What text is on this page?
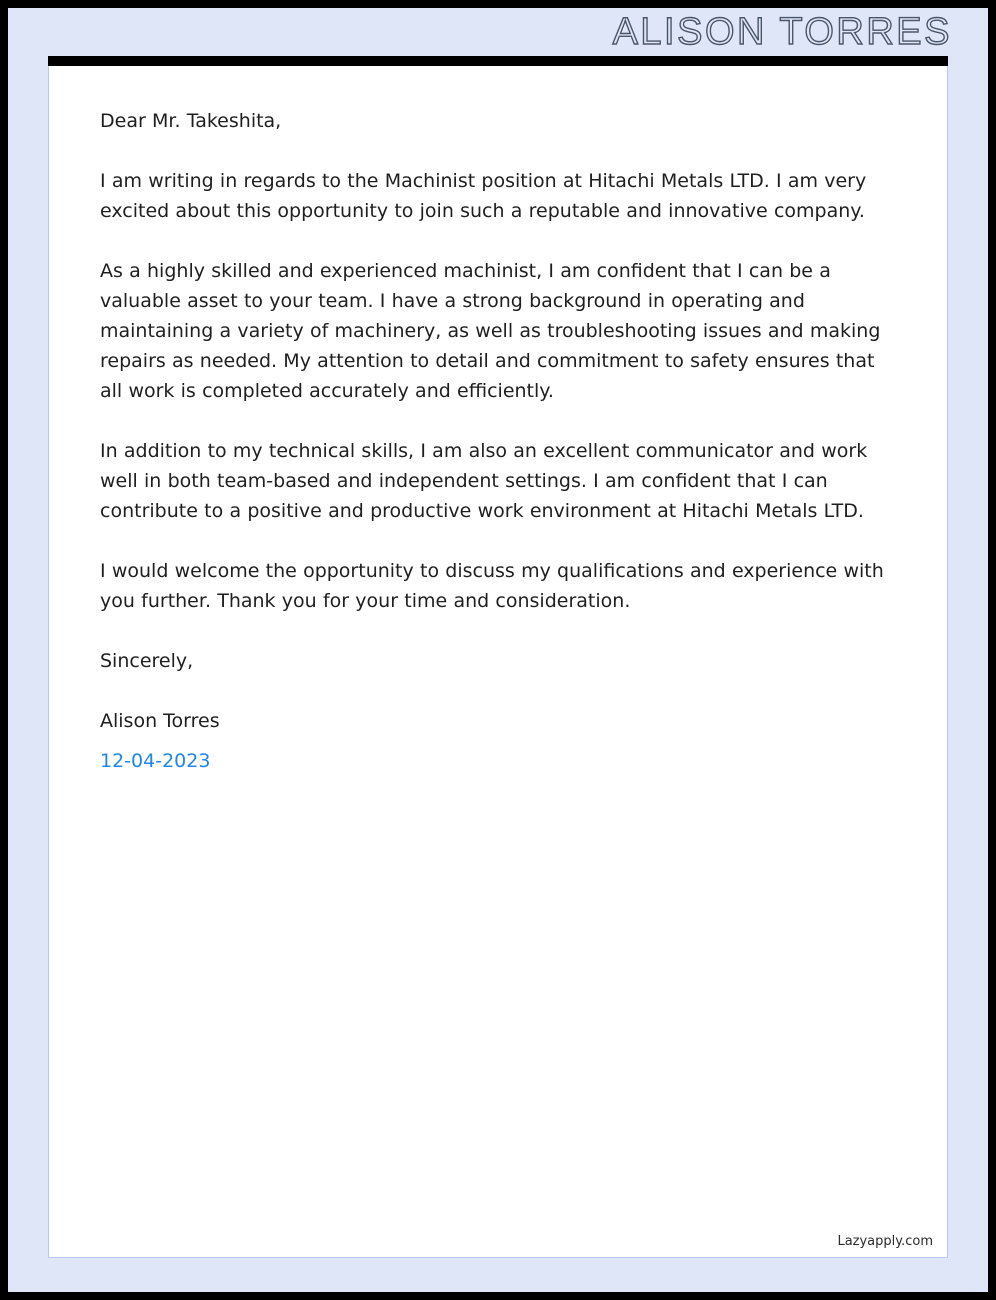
ALISON TORRES

Dear Mr. Takeshita,

I am writing in regards to the Machinist position at Hitachi Metals LTD. I am very excited about this opportunity to join such a reputable and innovative company.

As a highly skilled and experienced machinist, I am confident that I can be a valuable asset to your team. I have a strong background in operating and maintaining a variety of machinery, as well as troubleshooting issues and making repairs as needed. My attention to detail and commitment to safety ensures that all work is completed accurately and efficiently.

In addition to my technical skills, I am also an excellent communicator and work well in both team-based and independent settings. I am confident that I can contribute to a positive and productive work environment at Hitachi Metals LTD.

I would welcome the opportunity to discuss my qualifications and experience with you further. Thank you for your time and consideration.

Sincerely,

Alison Torres

12-04-2023

Lazyapply.com
